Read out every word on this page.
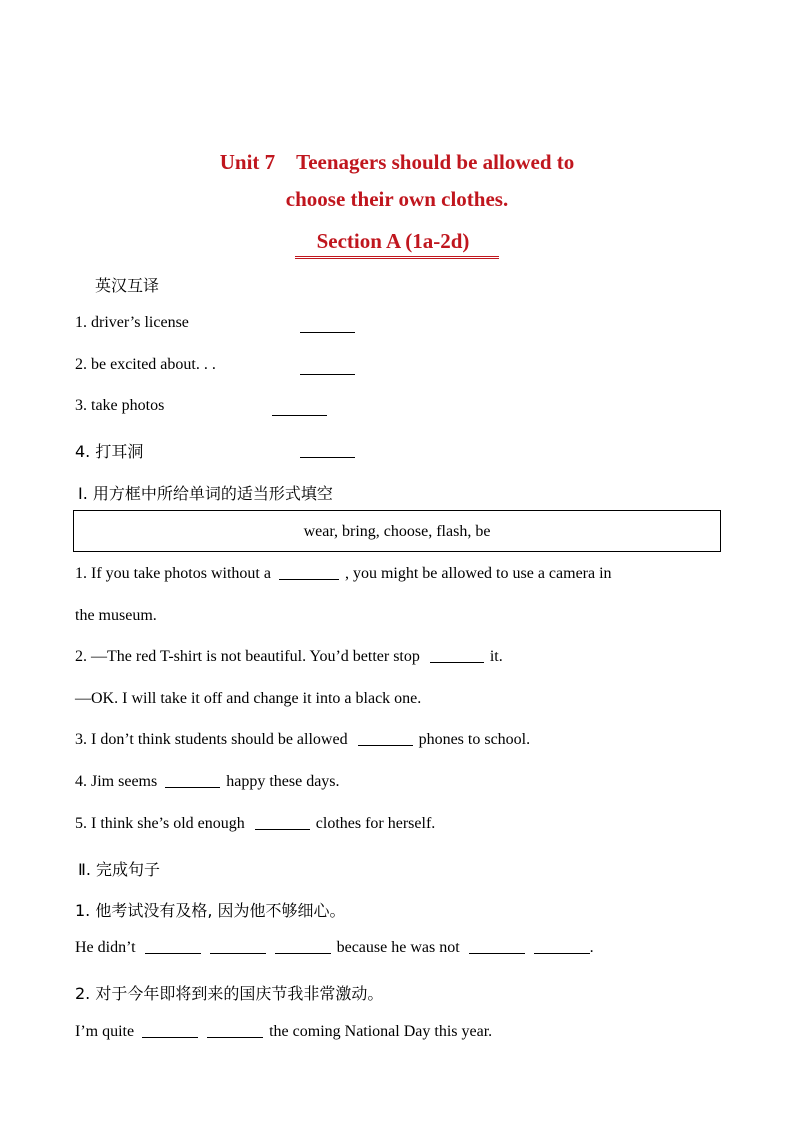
Unit 7　Teenagers should be allowed to
choose their own clothes.
Section A (1a-2d)
英汉互译
1. driver’s license
2. be excited about. . .
3. take photos
4. 打耳洞
Ⅰ. 用方框中所给单词的适当形式填空
wear, bring, choose, flash, be
1. If you take photos without a	, you might be allowed to use a camera in
the museum.
2. —The red T-shirt is not beautiful. You’d better stop	it.
—OK. I will take it off and change it into a black one.
3. I don’t think students should be allowed	phones to school.
4. Jim seems	happy these days.
5. I think she’s old enough	clothes for herself.
Ⅱ. 完成句子
1. 他考试没有及格, 因为他不够细心。
He didn’t	because he was not	.
2. 对于今年即将到来的国庆节我非常激动。
I’m quite	the coming National Day this year.
